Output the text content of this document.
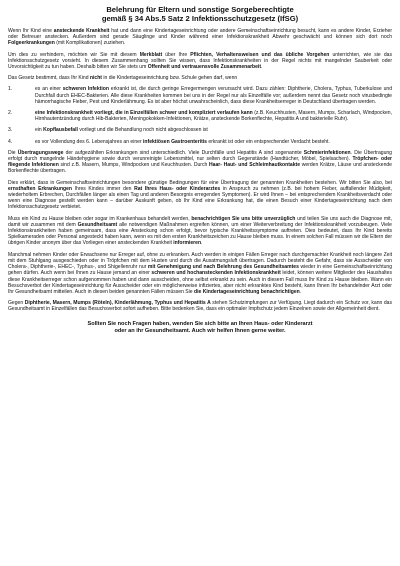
Belehrung für Eltern und sonstige Sorgeberechtigte
gemäß § 34 Abs.5 Satz 2 Infektionsschutzgesetz (IfSG)

Wenn Ihr Kind eine ansteckende Krankheit hat und dann eine Kindertageseinrichtung oder andere Gemeinschaftseinrichtung besucht, kann es andere Kinder, Erzieher oder Betreuer anstecken. Außerdem sind gerade Säuglinge und Kinder während einer Infektionskrankheit Abwehr geschwächt und können sich dort noch Folgeerkrankungen (mit Komplikationen) zuziehen.

Um dies zu verhindern, möchten wir Sie mit diesem Merkblatt über Ihre Pflichten, Verhaltensweisen und das übliche Vorgehen unterrichten, wie sie das Infektionsschutzgesetz vorsieht. In diesem Zusammenhang sollten Sie wissen, dass Infektionskrankheiten in der Regel nichts mit mangelnder Sauberkeit oder Unvorsichtigkeit zu tun haben. Deshalb bitten wir Sie stets um Offenheit und vertrauensvolle Zusammenarbeit.

Das Gesetz bestimmt, dass Ihr Kind nicht in die Kindertageseinrichtung bzw. Schule gehen darf, wenn

1.	es an einer schweren Infektion erkrankt ist, die durch geringe Erregermengen verursacht wird. Dazu zählen: Diphtherie, Cholera, Typhus, Tuberkulose und Durchfall durch EHEC-Bakterien. Alle diese Krankheiten kommen bei uns in der Regel nur als Einzelfälle vor; außerdem nennt das Gesetz noch virusbedingte hämorrhagische Fieber, Pest und Kinderlähmung. Es ist aber höchst unwahrscheinlich, dass diese Krankheitserreger in Deutschland übertragen werden.
2.	eine Infektionskrankheit vorliegt, die in Einzelfällen schwer und kompliziert verlaufen kann (z.B. Keuchhusten, Masern, Mumps, Scharlach, Windpocken, Hirnhautentzündung durch Hib-Bakterien, Meningokokken-Infektionen, Krätze, ansteckende Borkenflechte, Hepatitis A und bakterielle Ruhr).
3.	ein Kopflausbefall vorliegt und die Behandlung noch nicht abgeschlossen ist
4.	es vor Vollendung des 6. Lebensjahres an einer infektiösen Gastroenteritis erkrankt ist oder ein entsprechender Verdacht besteht.

Die Übertragungswege der aufgezählten Erkrankungen sind unterschiedlich. Viele Durchfälle und Hepatitis A sind sogenannte Schmierinfektionen. Die Übertragung erfolgt durch mangelnde Händehygiene sowie durch verunreinigte Lebensmittel, nur selten durch Gegenstände (Handtücher, Möbel, Spielsachen). Tröpfchen- oder fliegende Infektionen sind z.B. Masern, Mumps, Windpocken und Keuchhusten. Durch Haar- Haut- und Schleimhautkontakte werden Krätze, Läuse und ansteckende Borkenflechte übertragen.

Dies erklärt, dass in Gemeinschaftseinrichtungen besondere günstige Bedingungen für eine Übertragung der genannten Krankheiten bestehen. Wir bitten Sie also, bei ernsthaften Erkrankungen Ihres Kindes immer den Rat Ihres Haus- oder Kinderarztes in Anspruch zu nehmen (z.B. bei hohem Fieber, auffallender Müdigkeit, wiederholtem Erbrechen, Durchfällen länger als einen Tag und anderen Besorgnis erregenden Symptomen). Er wird Ihnen – bei entsprechendem Krankheitsverdacht oder wenn eine Diagnose gestellt werden kann – darüber Auskunft geben, ob Ihr Kind eine Erkrankung hat, die einen Besuch einer Kindertageseinrichtung nach dem Infektionsschutzgesetz verbietet.

Muss ein Kind zu Hause bleiben oder sogar im Krankenhaus behandelt werden, benachrichtigen Sie uns bitte unverzüglich und teilen Sie uns auch die Diagnose mit, damit wir zusammen mit dem Gesundheitsamt alle notwendigen Maßnahmen ergreifen können, um einer Weiterverbreitung der Infektionskrankheit vorzubeugen. Viele Infektionskrankheiten haben gemeinsam, dass eine Ansteckung schon erfolgt, bevor typische Krankheitssymptome auftreten. Dies bedeutet, dass Ihr Kind bereits Spielkameraden oder Personal angesteckt haben kann, wenn es mit den ersten Krankheitszeichen zu Hause bleiben muss. In einem solchen Fall müssen wir die Eltern der übrigen Kinder anonym über das Vorliegen einer ansteckenden Krankheit informieren.

Manchmal nehmen Kinder oder Erwachsene nur Erreger auf, ohne zu erkranken. Auch werden in einigen Fällen Erreger nach durchgemachter Krankheit noch längere Zeit mit dem Stuhlgang ausgeschieden oder in Tröpfchen mit dem Husten und durch die Ausatmungsluft übertragen. Dadurch besteht die Gefahr, dass sie Ausscheider von Cholera-, Diphtherie-, EHEC-, Typhus-, und Shigellenruhr nur mit Genehmigung und nach Belehrung des Gesundheitsamtes wieder in eine Gemeinschaftseinrichtung gehen dürfen. Auch wenn bei Ihnen zu Hause jemand an einer schweren und hochansteckenden Infektionskrankheit leidet, können weitere Mitglieder des Haushaltes diese Krankheitserreger schon aufgenommen haben und dann ausscheiden, ohne selbst erkrankt zu sein. Auch in diesem Fall muss Ihr Kind zu Hause bleiben. Wann ein Besuchsverbot der Kindertageseinrichtung für Ausscheider oder ein möglicherweise infiziertes, aber nicht erkranktes Kind besteht, kann Ihnen Ihr behandelnder Arzt oder Ihr Gesundheitsamt mitteilen. Auch in diesen beiden genannten Fällen müssen Sie die Kindertageseinrichtung benachrichtigen.

Gegen Diphtherie, Masern, Mumps (Röteln), Kinderlähmung, Typhus und Hepatitis A stehen Schutzimpfungen zur Verfügung. Liegt dadurch ein Schutz vor, kann das Gesundheitsamt in Einzelfällen das Besuchsverbot sofort aufheben. Bitte bedenken Sie, dass ein optimaler Impfschutz jedem Einzelnen sowie der Allgemeinheit dient.

Sollten Sie noch Fragen haben, wenden Sie sich bitte an Ihren Haus- oder Kinderarzt
oder an ihr Gesundheitsamt. Auch wir helfen Ihnen gerne weiter.
